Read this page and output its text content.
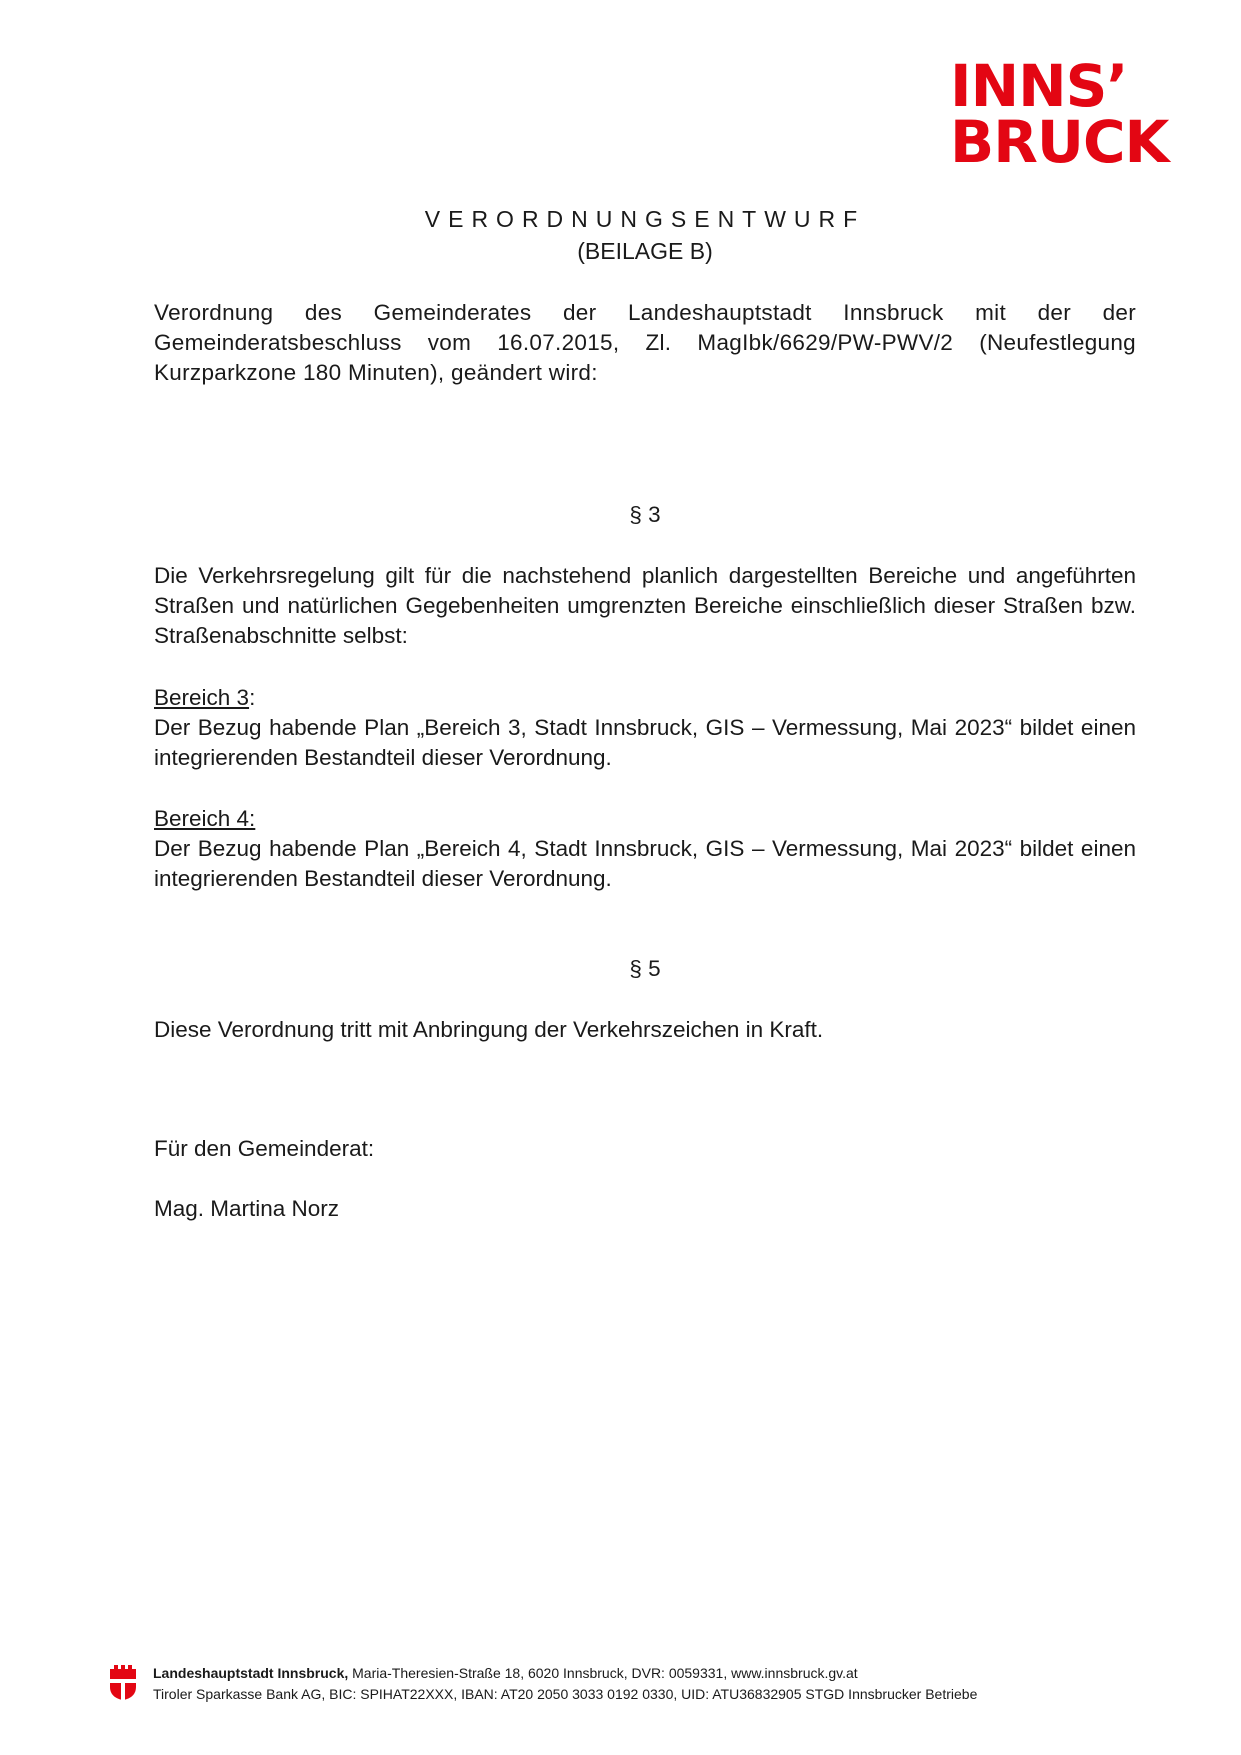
INNS’
BRUCK
VERORDNUNGSENTWURF
(BEILAGE B)
Verordnung des Gemeinderates der Landeshauptstadt Innsbruck mit der der Gemeinderatsbeschluss vom 16.07.2015, Zl. MagIbk/6629/PW-PWV/2 (Neufestlegung Kurzparkzone 180 Minuten), geändert wird:
§ 3
Die Verkehrsregelung gilt für die nachstehend planlich dargestellten Bereiche und angeführten Straßen und natürlichen Gegebenheiten umgrenzten Bereiche einschließlich dieser Straßen bzw. Straßenabschnitte selbst:
Bereich 3:
Der Bezug habende Plan „Bereich 3, Stadt Innsbruck, GIS – Vermessung, Mai 2023“ bildet einen integrierenden Bestandteil dieser Verordnung.
Bereich 4:
Der Bezug habende Plan „Bereich 4, Stadt Innsbruck, GIS – Vermessung, Mai 2023“ bildet einen integrierenden Bestandteil dieser Verordnung.
§ 5
Diese Verordnung tritt mit Anbringung der Verkehrszeichen in Kraft.
Für den Gemeinderat:
Mag. Martina Norz
Landeshauptstadt Innsbruck, Maria-Theresien-Straße 18, 6020 Innsbruck, DVR: 0059331, www.innsbruck.gv.at
Tiroler Sparkasse Bank AG, BIC: SPIHAT22XXX, IBAN: AT20 2050 3033 0192 0330, UID: ATU36832905 STGD Innsbrucker Betriebe
